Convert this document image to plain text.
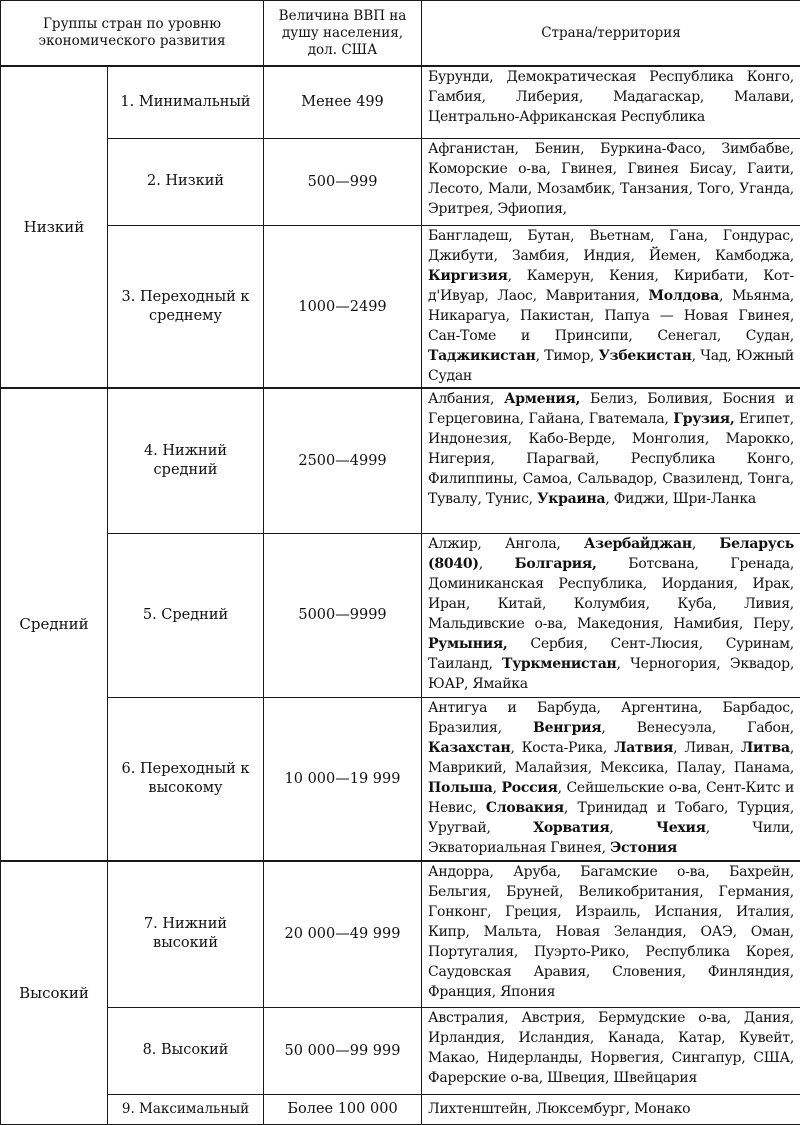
Группы стран по уровню экономического развития		Величина ВВП на душу населения, дол. США	Страна/территория
Низкий	1. Минимальный	Менее 499	Бурунди, Демократическая Республика Конго, Гамбия, Либерия, Мадагаскар, Малави, Центрально-Африканская Республика
	2. Низкий	500—999	Афганистан, Бенин, Буркина-Фасо, Зимбабве, Коморские о-ва, Гвинея, Гвинея Бисау, Гаити, Лесото, Мали, Мозамбик, Танзания, Того, Уганда, Эритрея, Эфиопия,
	3. Переходный к среднему	1000—2499	Бангладеш, Бутан, Вьетнам, Гана, Гондурас, Джибути, Замбия, Индия, Йемен, Камбоджа, Киргизия, Камерун, Кения, Кирибати, Кот-д'Ивуар, Лаос, Мавритания, Молдова, Мьянма, Никарагуа, Пакистан, Папуа — Новая Гвинея, Сан-Томе и Принсипи, Сенегал, Судан, Таджикистан, Тимор, Узбекистан, Чад, Южный Судан
Средний	4. Нижний средний	2500—4999	Албания, Армения, Белиз, Боливия, Босния и Герцеговина, Гайана, Гватемала, Грузия, Египет, Индонезия, Кабо-Верде, Монголия, Марокко, Нигерия, Парагвай, Республика Конго, Филиппины, Самоа, Сальвадор, Свазиленд, Тонга, Тувалу, Тунис, Украина, Фиджи, Шри-Ланка
	5. Средний	5000—9999	Алжир, Ангола, Азербайджан, Беларусь (8040), Болгария, Ботсвана, Гренада, Доминиканская Республика, Иордания, Ирак, Иран, Китай, Колумбия, Куба, Ливия, Мальдивские о-ва, Македония, Намибия, Перу, Румыния, Сербия, Сент-Люсия, Суринам, Таиланд, Туркменистан, Черногория, Эквадор, ЮАР, Ямайка
	6. Переходный к высокому	10 000—19 999	Антигуа и Барбуда, Аргентина, Барбадос, Бразилия, Венгрия, Венесуэла, Габон, Казахстан, Коста-Рика, Латвия, Ливан, Литва, Маврикий, Малайзия, Мексика, Палау, Панама, Польша, Россия, Сейшельские о-ва, Сент-Китс и Невис, Словакия, Тринидад и Тобаго, Турция, Уругвай, Хорватия, Чехия, Чили, Экваториальная Гвинея, Эстония
Высокий	7. Нижний высокий	20 000—49 999	Андорра, Аруба, Багамские о-ва, Бахрейн, Бельгия, Бруней, Великобритания, Германия, Гонконг, Греция, Израиль, Испания, Италия, Кипр, Мальта, Новая Зеландия, ОАЭ, Оман, Португалия, Пуэрто-Рико, Республика Корея, Саудовская Аравия, Словения, Финляндия, Франция, Япония
	8. Высокий	50 000—99 999	Австралия, Австрия, Бермудские о-ва, Дания, Ирландия, Исландия, Канада, Катар, Кувейт, Макао, Нидерланды, Норвегия, Сингапур, США, Фарерские о-ва, Швеция, Швейцария
	9. Максимальный	Более 100 000	Лихтенштейн, Люксембург, Монако
